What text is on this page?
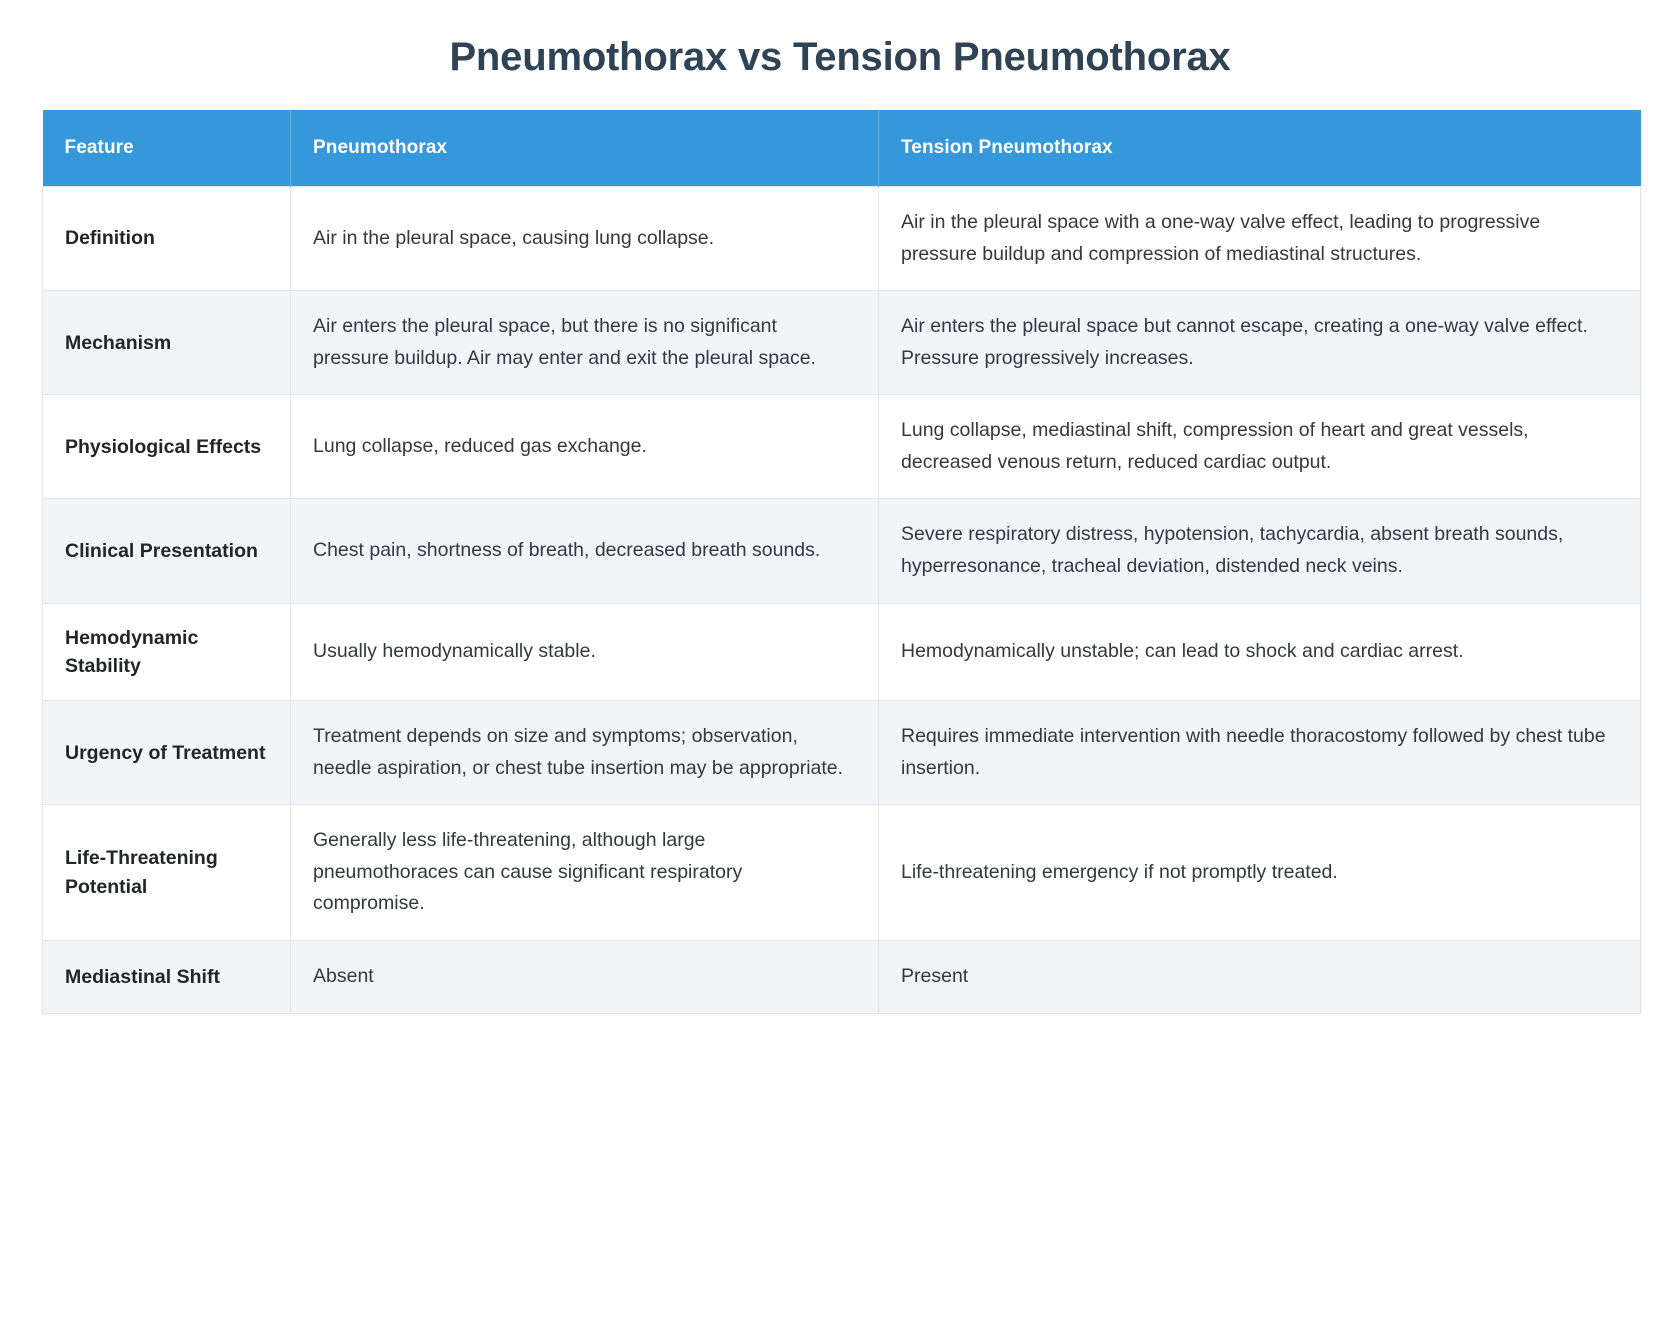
Pneumothorax vs Tension Pneumothorax
Feature	Pneumothorax	Tension Pneumothorax
Definition	Air in the pleural space, causing lung collapse.	Air in the pleural space with a one-way valve effect, leading to progressive pressure buildup and compression of mediastinal structures.
Mechanism	Air enters the pleural space, but there is no significant pressure buildup. Air may enter and exit the pleural space.	Air enters the pleural space but cannot escape, creating a one-way valve effect. Pressure progressively increases.
Physiological Effects	Lung collapse, reduced gas exchange.	Lung collapse, mediastinal shift, compression of heart and great vessels, decreased venous return, reduced cardiac output.
Clinical Presentation	Chest pain, shortness of breath, decreased breath sounds.	Severe respiratory distress, hypotension, tachycardia, absent breath sounds, hyperresonance, tracheal deviation, distended neck veins.
Hemodynamic Stability	Usually hemodynamically stable.	Hemodynamically unstable; can lead to shock and cardiac arrest.
Urgency of Treatment	Treatment depends on size and symptoms; observation, needle aspiration, or chest tube insertion may be appropriate.	Requires immediate intervention with needle thoracostomy followed by chest tube insertion.
Life-Threatening Potential	Generally less life-threatening, although large pneumothoraces can cause significant respiratory compromise.	Life-threatening emergency if not promptly treated.
Mediastinal Shift	Absent	Present
